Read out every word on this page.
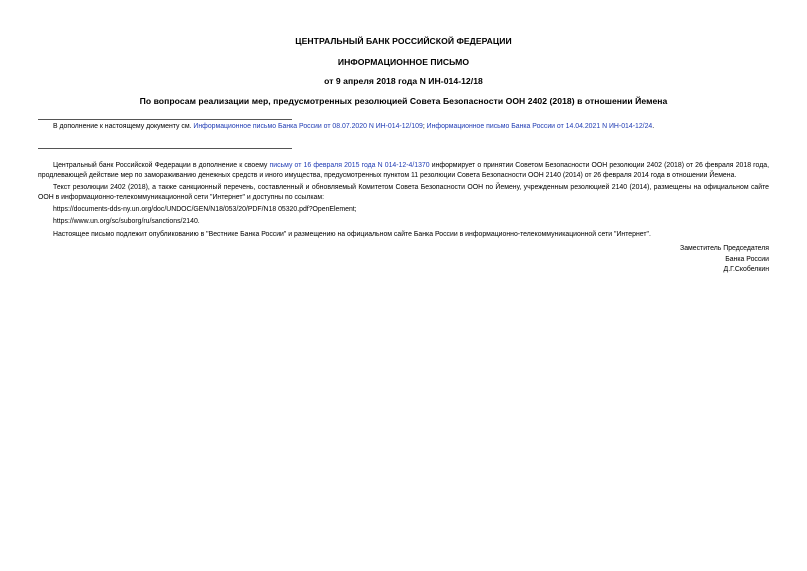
ЦЕНТРАЛЬНЫЙ БАНК РОССИЙСКОЙ ФЕДЕРАЦИИ
ИНФОРМАЦИОННОЕ ПИСЬМО
от 9 апреля 2018 года N ИН-014-12/18
По вопросам реализации мер, предусмотренных резолюцией Совета Безопасности ООН 2402 (2018) в отношении Йемена
В дополнение к настоящему документу см. Информационное письмо Банка России от 08.07.2020 N ИН-014-12/109; Информационное письмо Банка России от 14.04.2021 N ИН-014-12/24.

Центральный банк Российской Федерации в дополнение к своему письму от 16 февраля 2015 года N 014-12-4/1370 информирует о принятии Советом Безопасности ООН резолюции 2402 (2018) от 26 февраля 2018 года, продлевающей действие мер по замораживанию денежных средств и иного имущества, предусмотренных пунктом 11 резолюции Совета Безопасности ООН 2140 (2014) от 26 февраля 2014 года в отношении Йемена.

Текст резолюции 2402 (2018), а также санкционный перечень, составленный и обновляемый Комитетом Совета Безопасности ООН по Йемену, учрежденным резолюцией 2140 (2014), размещены на официальном сайте ООН в информационно-телекоммуникационной сети "Интернет" и доступны по ссылкам:

https://documents-dds-ny.un.org/doc/UNDOC/GEN/N18/053/20/PDF/N18 05320.pdf?OpenElement;

https://www.un.org/sc/suborg/ru/sanctions/2140.

Настоящее письмо подлежит опубликованию в "Вестнике Банка России" и размещению на официальном сайте Банка России в информационно-телекоммуникационной сети "Интернет".

Заместитель Председателя
Банка России
Д.Г.Скобелкин
